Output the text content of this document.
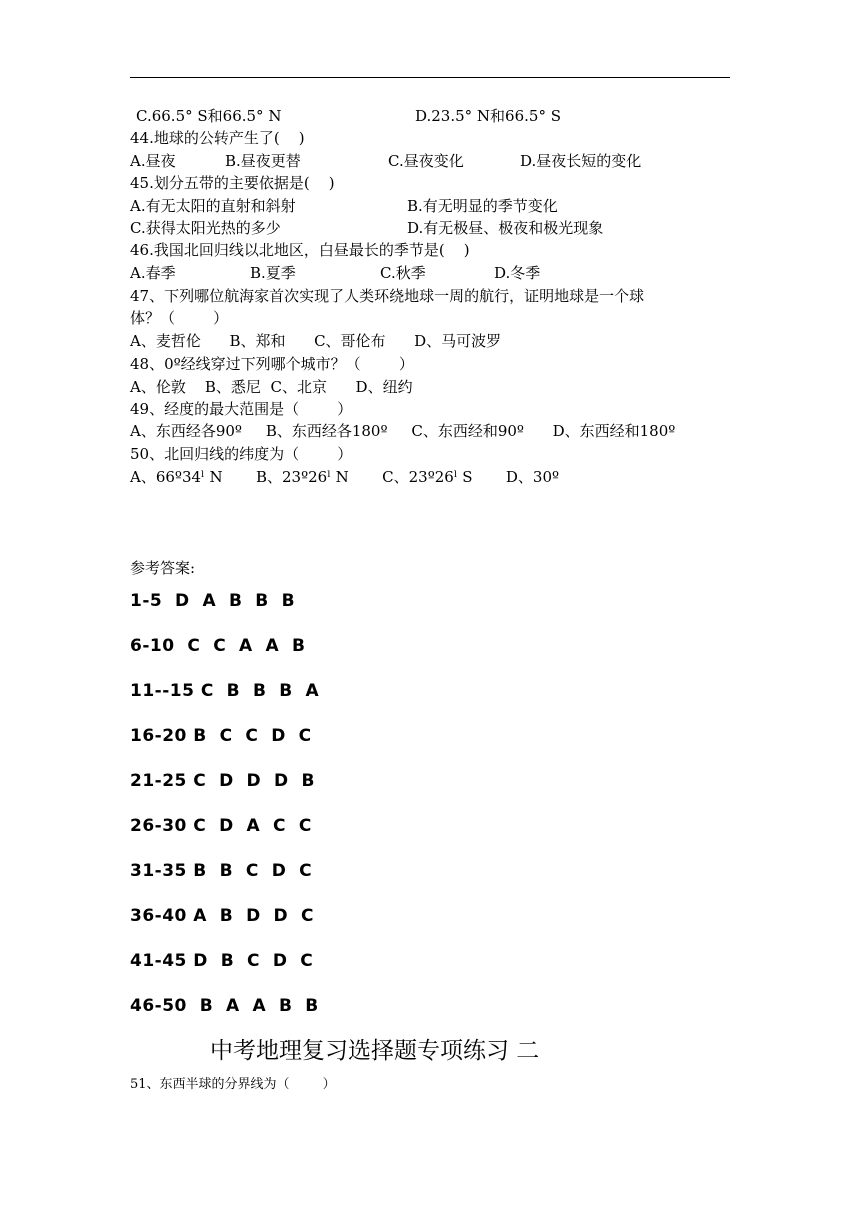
C.66.5° S和66.5° N	D.23.5° N和66.5° S
44.地球的公转产生了(    )
A.昼夜	B.昼夜更替	C.昼夜变化	D.昼夜长短的变化
45.划分五带的主要依据是(    )
A.有无太阳的直射和斜射	B.有无明显的季节变化
C.获得太阳光热的多少	D.有无极昼、极夜和极光现象
46.我国北回归线以北地区，白昼最长的季节是(    )
A.春季	B.夏季	C.秋季	D.冬季
47、下列哪位航海家首次实现了人类环绕地球一周的航行，证明地球是一个球
体？（        ）
A、麦哲伦      B、郑和      C、哥伦布      D、马可波罗
48、0º经线穿过下列哪个城市？（        ）
A、伦敦    B、悉尼  C、北京      D、纽约
49、经度的最大范围是（        ）
A、东西经各90º     B、东西经各180º     C、东西经和90º      D、东西经和180º
50、北回归线的纬度为（        ）
A、66º34ˡ N       B、23º26ˡ N       C、23º26ˡ S       D、30º
参考答案:
1-5  D  A  B  B  B
6-10  C  C  A  A  B
11--15 C  B  B  B  A
16-20 B  C  C  D  C
21-25 C  D  D  D  B
26-30 C  D  A  C  C
31-35 B  B  C  D  C
36-40 A  B  D  D  C
41-45 D  B  C  D  C
46-50  B  A  A  B  B
中考地理复习选择题专项练习 二
51、东西半球的分界线为（        ）
